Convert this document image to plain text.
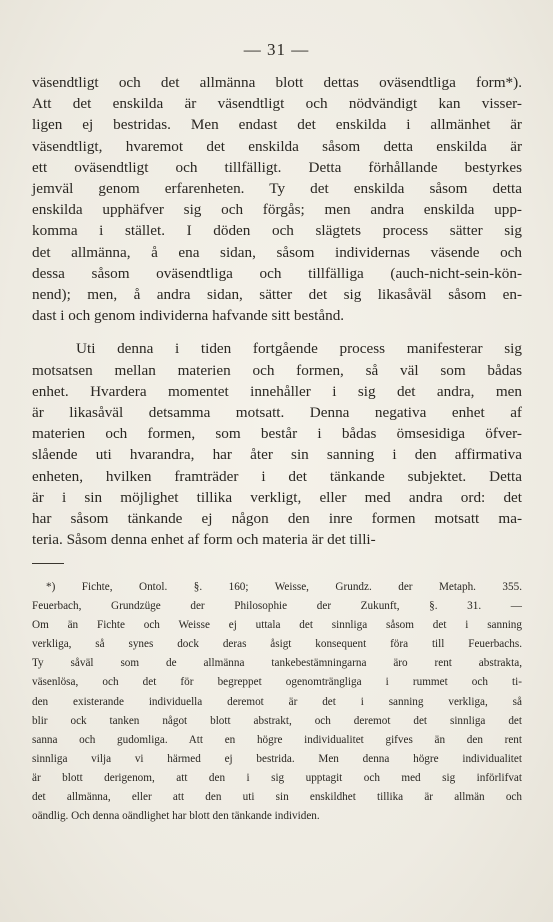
— 31 —
väsendtligt och det allmänna blott dettas oväsendtliga form*).
Att det enskilda är väsendtligt och nödvändigt kan visser-
ligen ej bestridas. Men endast det enskilda i allmänhet är
väsendtligt, hvaremot det enskilda såsom detta enskilda är
ett oväsendtligt och tillfälligt. Detta förhållande bestyrkes
jemväl genom erfarenheten. Ty det enskilda såsom detta
enskilda upphäfver sig och förgås; men andra enskilda upp-
komma i stället. I döden och slägtets process sätter sig
det allmänna, å ena sidan, såsom individernas väsende och
dessa såsom oväsendtliga och tillfälliga (auch-nicht-sein-kön-
nend); men, å andra sidan, sätter det sig likasåväl såsom en-
dast i och genom individerna hafvande sitt bestånd.
Uti denna i tiden fortgående process manifesterar sig
motsatsen mellan materien och formen, så väl som bådas
enhet. Hvardera momentet innehåller i sig det andra, men
är likasåväl detsamma motsatt. Denna negativa enhet af
materien och formen, som består i bådas ömsesidiga öfver-
slående uti hvarandra, har åter sin sanning i den affirmativa
enheten, hvilken framträder i det tänkande subjektet. Detta
är i sin möjlighet tillika verkligt, eller med andra ord: det
har såsom tänkande ej någon den inre formen motsatt ma-
teria. Såsom denna enhet af form och materia är det tilli-
*) Fichte, Ontol. §. 160; Weisse, Grundz. der Metaph. 355.
Feuerbach, Grundzüge der Philosophie der Zukunft, §. 31. —
Om än Fichte och Weisse ej uttala det sinnliga såsom det i sanning
verkliga, så synes dock deras åsigt konsequent föra till Feuerbachs.
Ty såväl som de allmänna tankebestämningarna äro rent abstrakta,
väsenlösa, och det för begreppet ogenomträngliga i rummet och ti-
den existerande individuella deremot är det i sanning verkliga, så
blir ock tanken något blott abstrakt, och deremot det sinnliga det
sanna och gudomliga. Att en högre individualitet gifves än den rent
sinnliga vilja vi härmed ej bestrida. Men denna högre individualitet
är blott derigenom, att den i sig upptagit och med sig införlifvat
det allmänna, eller att den uti sin enskildhet tillika är allmän och
oändlig. Och denna oändlighet har blott den tänkande individen.
